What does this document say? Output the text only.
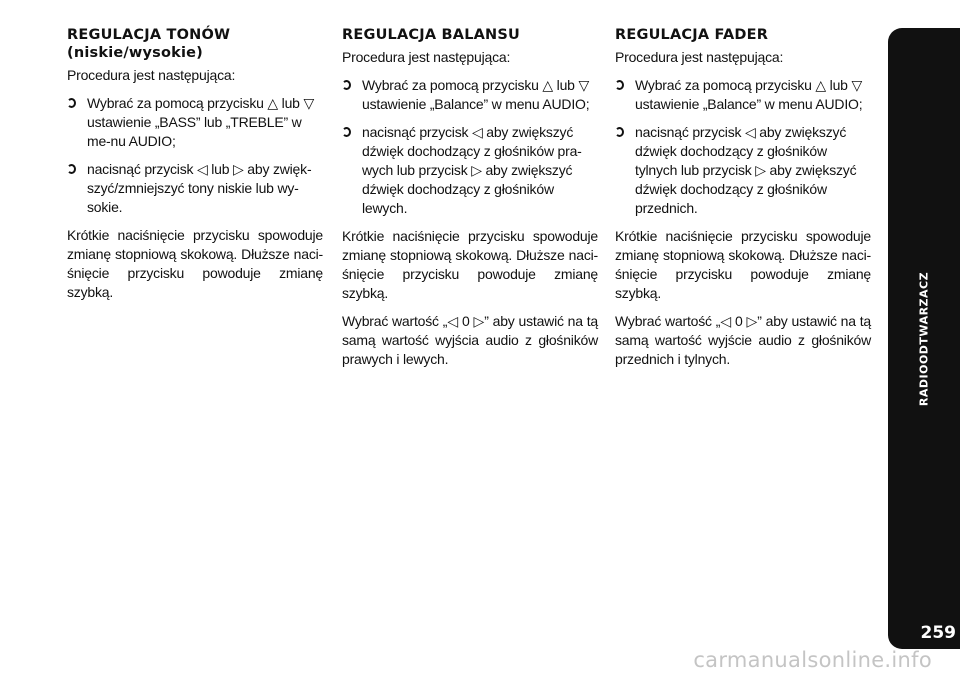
REGULACJA TONÓW
(niskie/wysokie)
Procedura jest następująca:
Wybrać za pomocą przycisku △ lub ▽ ustawienie „BASS” lub „TREBLE” w me-nu AUDIO;
nacisnąć przycisk ◁ lub ▷ aby zwięk-szyć/zmniejszyć tony niskie lub wy-sokie.
Krótkie naciśnięcie przycisku spowoduje zmianę stopniową skokową. Dłuższe naci-śnięcie przycisku powoduje zmianę szybką.
REGULACJA BALANSU
Procedura jest następująca:
Wybrać za pomocą przycisku △ lub ▽ ustawienie „Balance” w menu AUDIO;
nacisnąć przycisk ◁ aby zwiększyć dźwięk dochodzący z głośników pra-wych lub przycisk ▷ aby zwiększyć dźwięk dochodzący z głośników lewych.
Krótkie naciśnięcie przycisku spowoduje zmianę stopniową skokową. Dłuższe naci-śnięcie przycisku powoduje zmianę szybką.
Wybrać wartość „◁ 0 ▷” aby ustawić na tą samą wartość wyjścia audio z głośników prawych i lewych.
REGULACJA FADER
Procedura jest następująca:
Wybrać za pomocą przycisku △ lub ▽ ustawienie „Balance” w menu AUDIO;
nacisnąć przycisk ◁ aby zwiększyć dźwięk dochodzący z głośników tylnych lub przycisk ▷ aby zwiększyć dźwięk dochodzący z głośników przednich.
Krótkie naciśnięcie przycisku spowoduje zmianę stopniową skokową. Dłuższe naci-śnięcie przycisku powoduje zmianę szybką.
Wybrać wartość „◁ 0 ▷” aby ustawić na tą samą wartość wyjście audio z głośników przednich i tylnych.	RADIOODTWARZACZ
259
carmanualsonline.info
